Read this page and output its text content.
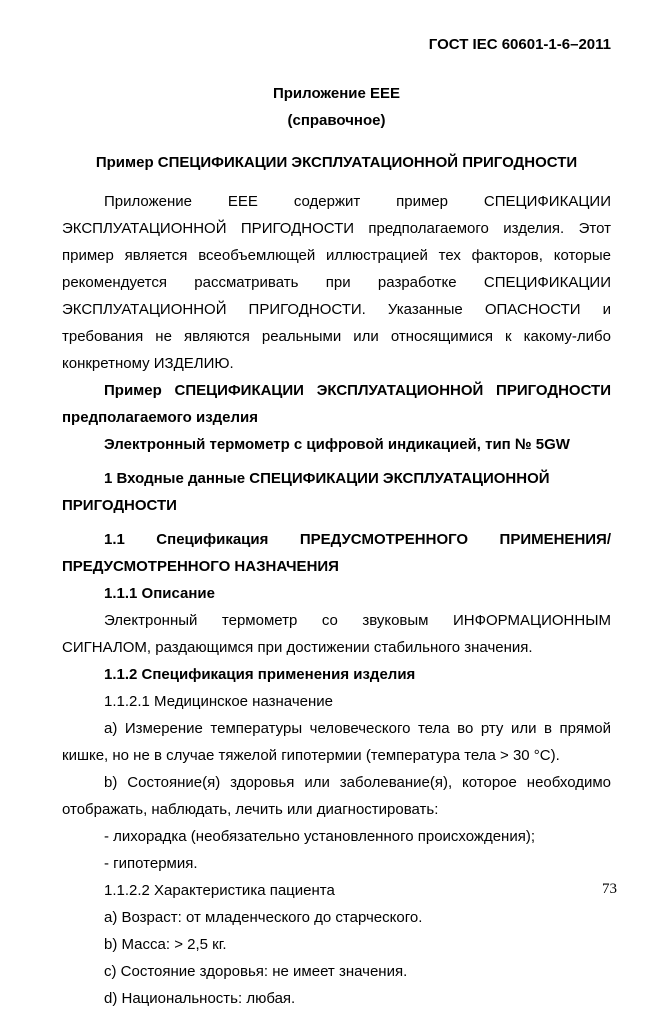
ГОСТ IEC 60601-1-6–2011

Приложение ЕЕЕ

(справочное)

Пример СПЕЦИФИКАЦИИ ЭКСПЛУАТАЦИОННОЙ ПРИГОДНОСТИ

Приложение ЕЕЕ содержит пример СПЕЦИФИКАЦИИ ЭКСПЛУАТАЦИОННОЙ ПРИГОДНОСТИ предполагаемого изделия. Этот пример является всеобъемлющей иллюстрацией тех факторов, которые рекомендуется рассматривать при разработке СПЕЦИФИКАЦИИ ЭКСПЛУАТАЦИОННОЙ ПРИГОДНОСТИ. Указанные ОПАСНОСТИ и требования не являются реальными или относящимися к какому-либо конкретному ИЗДЕЛИЮ.

Пример СПЕЦИФИКАЦИИ ЭКСПЛУАТАЦИОННОЙ ПРИГОДНОСТИ предполагаемого изделия

Электронный термометр с цифровой индикацией, тип № 5GW

1 Входные данные СПЕЦИФИКАЦИИ ЭКСПЛУАТАЦИОННОЙ ПРИГОДНОСТИ

1.1 Спецификация ПРЕДУСМОТРЕННОГО ПРИМЕНЕНИЯ/ПРЕДУСМОТРЕННОГО НАЗНАЧЕНИЯ

1.1.1 Описание

Электронный термометр со звуковым ИНФОРМАЦИОННЫМ СИГНАЛОМ, раздающимся при достижении стабильного значения.

1.1.2 Спецификация применения изделия

1.1.2.1 Медицинское назначение

a) Измерение температуры человеческого тела во рту или в прямой кишке, но не в случае тяжелой гипотермии (температура тела > 30 °С).

b) Состояние(я) здоровья или заболевание(я), которое необходимо отображать, наблюдать, лечить или диагностировать:

- лихорадка (необязательно установленного происхождения);

- гипотермия.

1.1.2.2 Характеристика пациента

a) Возраст: от младенческого до старческого.

b) Масса: > 2,5 кг.

c) Состояние здоровья: не имеет значения.

d) Национальность: любая.

73
